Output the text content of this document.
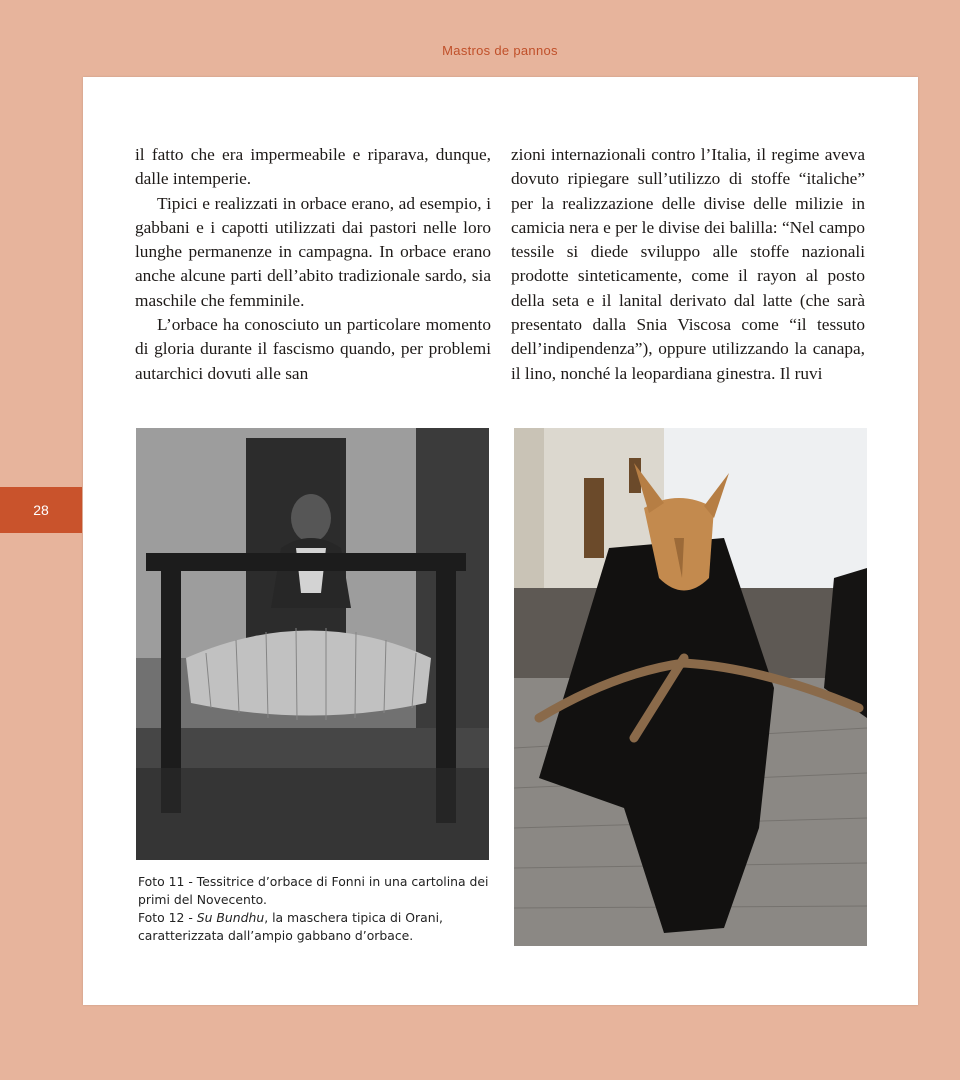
Mastros de pannos
28

il fatto che era impermeabile e riparava, dunque, dalle intemperie.

Tipici e realizzati in orbace erano, ad esempio, i gabbani e i capotti utilizzati dai pastori nelle loro lunghe permanenze in campagna. In orbace erano anche alcune parti dell’abito tradizionale sardo, sia maschile che femminile.

L’orbace ha conosciuto un particolare momento di gloria durante il fascismo quando, per problemi autarchici dovuti alle san

zioni internazionali contro l’Italia, il regime aveva dovuto ripiegare sull’utilizzo di stoffe “italiche” per la realizzazione delle divise delle milizie in camicia nera e per le divise dei balilla: “Nel campo tessile si diede sviluppo alle stoffe nazionali prodotte sinteticamente, come il rayon al posto della seta e il lanital derivato dal latte (che sarà presentato dalla Snia Viscosa come “il tessuto dell’indipendenza”), oppure utilizzando la canapa, il lino, nonché la leopardiana ginestra. Il ruvi

Foto 11 - Tessitrice d’orbace di Fonni in una cartolina dei primi del Novecento.

Foto 12 - Su Bundhu, la maschera tipica di Orani, caratterizzata dall’ampio gabbano d’orbace.
